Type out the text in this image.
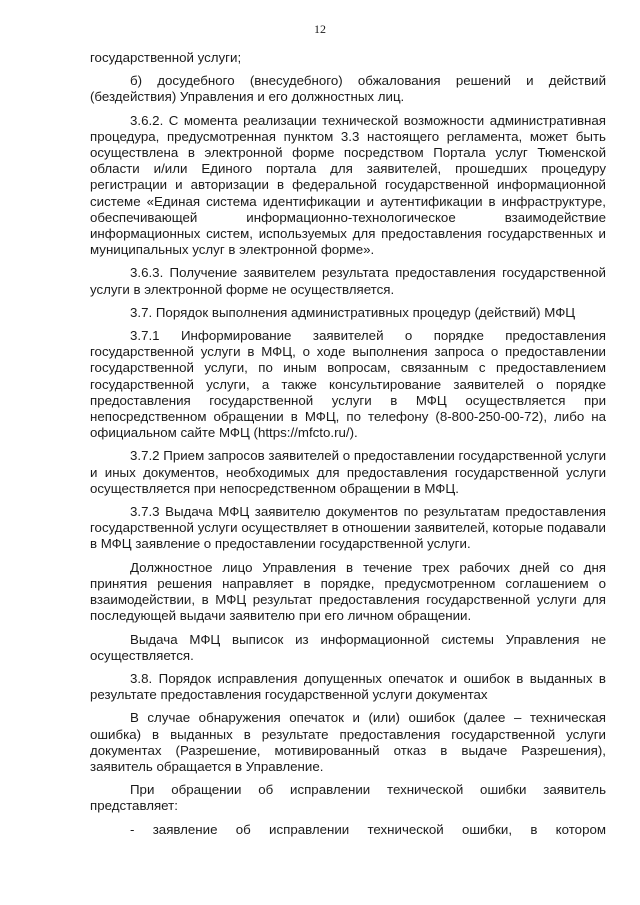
12

государственной услуги;

б) досудебного (внесудебного) обжалования решений и действий (бездействия) Управления и его должностных лиц.

3.6.2. С момента реализации технической возможности административная процедура, предусмотренная пунктом 3.3 настоящего регламента, может быть осуществлена в электронной форме посредством Портала услуг Тюменской области и/или Единого портала для заявителей, прошедших процедуру регистрации и авторизации в федеральной государственной информационной системе «Единая система идентификации и аутентификации в инфраструктуре, обеспечивающей информационно-технологическое взаимодействие информационных систем, используемых для предоставления государственных и муниципальных услуг в электронной форме».

3.6.3. Получение заявителем результата предоставления государственной услуги в электронной форме не осуществляется.

3.7. Порядок выполнения административных процедур (действий) МФЦ

3.7.1 Информирование заявителей о порядке предоставления государственной услуги в МФЦ, о ходе выполнения запроса о предоставлении государственной услуги, по иным вопросам, связанным с предоставлением государственной услуги, а также консультирование заявителей о порядке предоставления государственной услуги в МФЦ осуществляется при непосредственном обращении в МФЦ, по телефону (8-800-250-00-72), либо на официальном сайте МФЦ (https://mfcto.ru/).

3.7.2 Прием запросов заявителей о предоставлении государственной услуги и иных документов, необходимых для предоставления государственной услуги осуществляется при непосредственном обращении в МФЦ.

3.7.3 Выдача МФЦ заявителю документов по результатам предоставления государственной услуги осуществляет в отношении заявителей, которые подавали в МФЦ заявление о предоставлении государственной услуги.

Должностное лицо Управления в течение трех рабочих дней со дня принятия решения направляет в порядке, предусмотренном соглашением о взаимодействии, в МФЦ результат предоставления государственной услуги для последующей выдачи заявителю при его личном обращении.

Выдача МФЦ выписок из информационной системы Управления не осуществляется.

3.8. Порядок исправления допущенных опечаток и ошибок в выданных в результате предоставления государственной услуги документах

В случае обнаружения опечаток и (или) ошибок (далее – техническая ошибка) в выданных в результате предоставления государственной услуги документах (Разрешение, мотивированный отказ в выдаче Разрешения), заявитель обращается в Управление.

При обращении об исправлении технической ошибки заявитель представляет:

- заявление об исправлении технической ошибки, в котором
